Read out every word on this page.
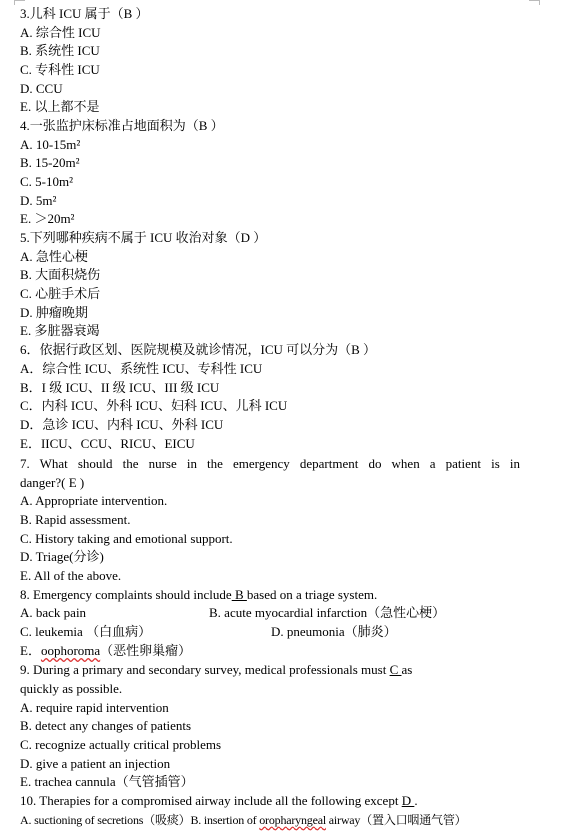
3.儿科 ICU 属于（B ）
A. 综合性 ICU
B. 系统性 ICU
C. 专科性 ICU
D. CCU
E. 以上都不是
4.一张监护床标准占地面积为（B ）
A. 10-15m²
B. 15-20m²
C. 5-10m²
D. 5m²
E. ＞20m²
5.下列哪种疾病不属于 ICU 收治对象（D ）
A. 急性心梗
B. 大面积烧伤
C. 心脏手术后
D. 肿瘤晚期
E. 多脏器衰竭
6．依据行政区划、医院规模及就诊情况，ICU 可以分为（B ）
A．综合性 ICU、系统性 ICU、专科性 ICU
B．I 级 ICU、II 级 ICU、III 级 ICU
C．内科 ICU、外科 ICU、妇科 ICU、儿科 ICU
D．急诊 ICU、内科 ICU、外科 ICU
E．IICU、CCU、RICU、EICU
7. What should the nurse in the emergency department do when a patient is in
danger?( E )
A. Appropriate intervention.
B. Rapid assessment.
C. History taking and emotional support.
D. Triage(分诊)
E. All of the above.
8. Emergency complaints should include B based on a triage system.
A. back pain	B. acute myocardial infarction（急性心梗）
C. leukemia （白血病）	D. pneumonia（肺炎）
E．oophoroma（恶性卵巢瘤）
9. During a primary and secondary survey, medical professionals must C as
quickly as possible.
A. require rapid intervention
B. detect any changes of patients
C. recognize actually critical problems
D. give a patient an injection
E. trachea cannula（气管插管）
10. Therapies for a compromised airway include all the following except D .
A. suctioning of secretions（吸痰）B. insertion of oropharyngeal airway（置入口咽通气管）
